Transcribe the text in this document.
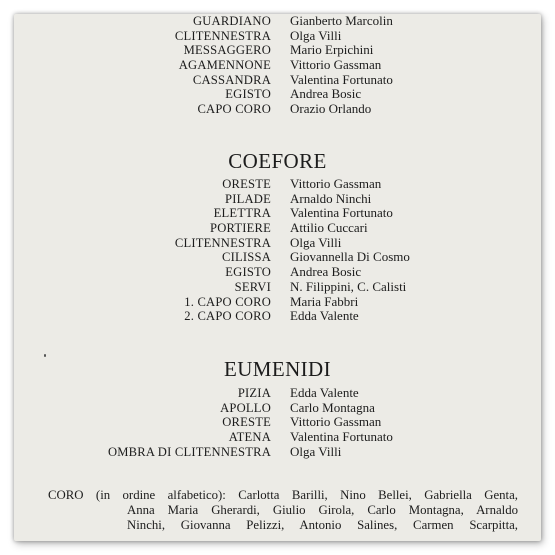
GUARDIANO Gianberto Marcolin
CLITENNESTRA Olga Villi
MESSAGGERO Mario Erpichini
AGAMENNONE Vittorio Gassman
CASSANDRA Valentina Fortunato
EGISTO Andrea Bosic
CAPO CORO Orazio Orlando
COEFORE
ORESTE Vittorio Gassman
PILADE Arnaldo Ninchi
ELETTRA Valentina Fortunato
PORTIERE Attilio Cuccari
CLITENNESTRA Olga Villi
CILISSA Giovannella Di Cosmo
EGISTO Andrea Bosic
SERVI N. Filippini, C. Calisti
1. CAPO CORO Maria Fabbri
2. CAPO CORO Edda Valente
EUMENIDI
PIZIA Edda Valente
APOLLO Carlo Montagna
ORESTE Vittorio Gassman
ATENA Valentina Fortunato
OMBRA DI CLITENNESTRA Olga Villi
CORO (in ordine alfabetico): Carlotta Barilli, Nino Bellei, Gabriella Genta,
Anna Maria Gherardi, Giulio Girola, Carlo Montagna, Arnaldo
Ninchi, Giovanna Pelizzi, Antonio Salines, Carmen Scarpitta,
